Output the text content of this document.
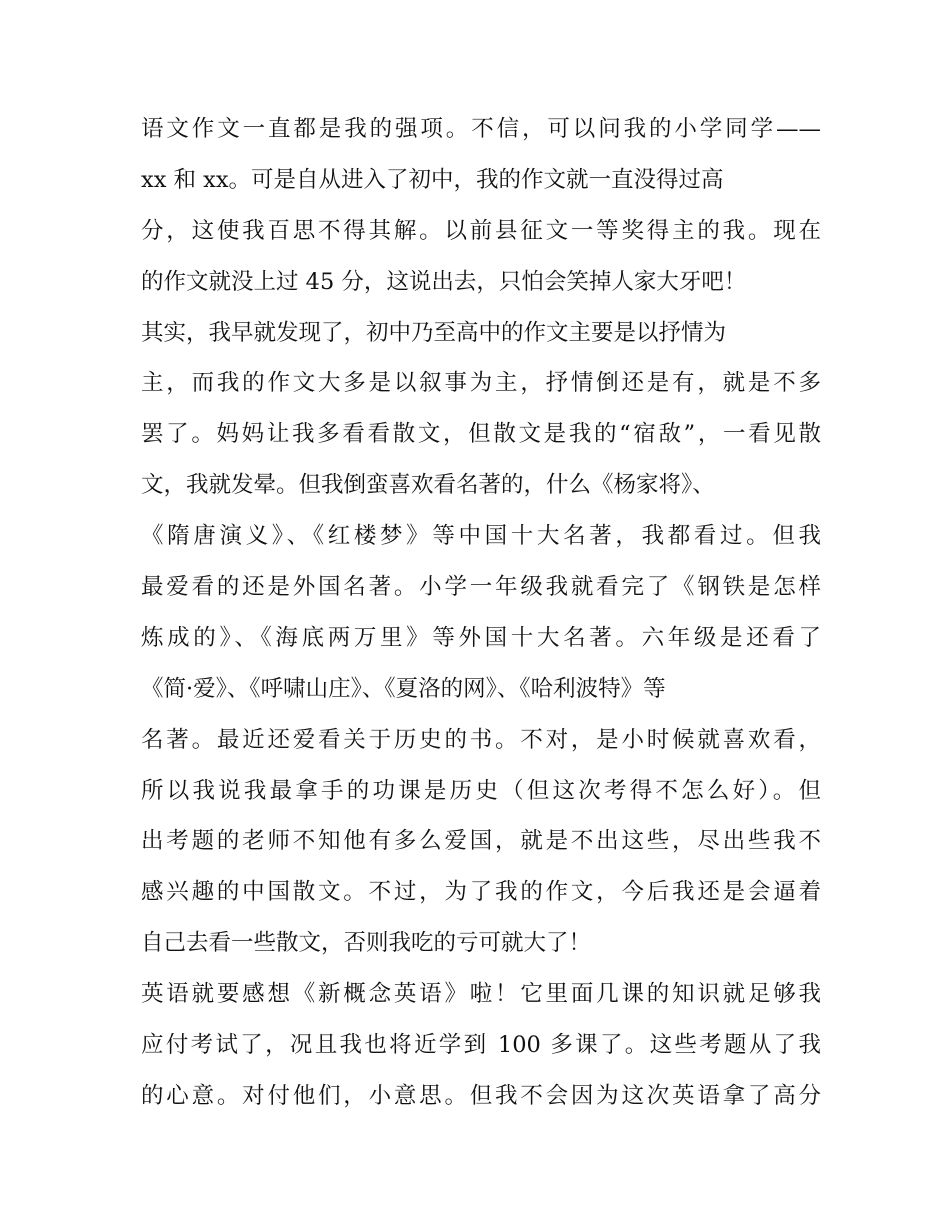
语文作文一直都是我的强项。不信，可以问我的小学同学——
xx 和 xx。可是自从进入了初中，我的作文就一直没得过高
分，这使我百思不得其解。以前县征文一等奖得主的我。现在
的作文就没上过 45 分，这说出去，只怕会笑掉人家大牙吧！
其实，我早就发现了，初中乃至高中的作文主要是以抒情为
主，而我的作文大多是以叙事为主，抒情倒还是有，就是不多
罢了。妈妈让我多看看散文，但散文是我的“宿敌”，一看见散
文，我就发晕。但我倒蛮喜欢看名著的，什么《杨家将》、
《隋唐演义》、《红楼梦》等中国十大名著，我都看过。但我
最爱看的还是外国名著。小学一年级我就看完了《钢铁是怎样
炼成的》、《海底两万里》等外国十大名著。六年级是还看了
《简·爱》、《呼啸山庄》、《夏洛的网》、《哈利波特》等
名著。最近还爱看关于历史的书。不对，是小时候就喜欢看，
所以我说我最拿手的功课是历史（但这次考得不怎么好）。但
出考题的老师不知他有多么爱国，就是不出这些，尽出些我不
感兴趣的中国散文。不过，为了我的作文，今后我还是会逼着
自己去看一些散文，否则我吃的亏可就大了！
英语就要感想《新概念英语》啦！它里面几课的知识就足够我
应付考试了，况且我也将近学到 100 多课了。这些考题从了我
的心意。对付他们，小意思。但我不会因为这次英语拿了高分
